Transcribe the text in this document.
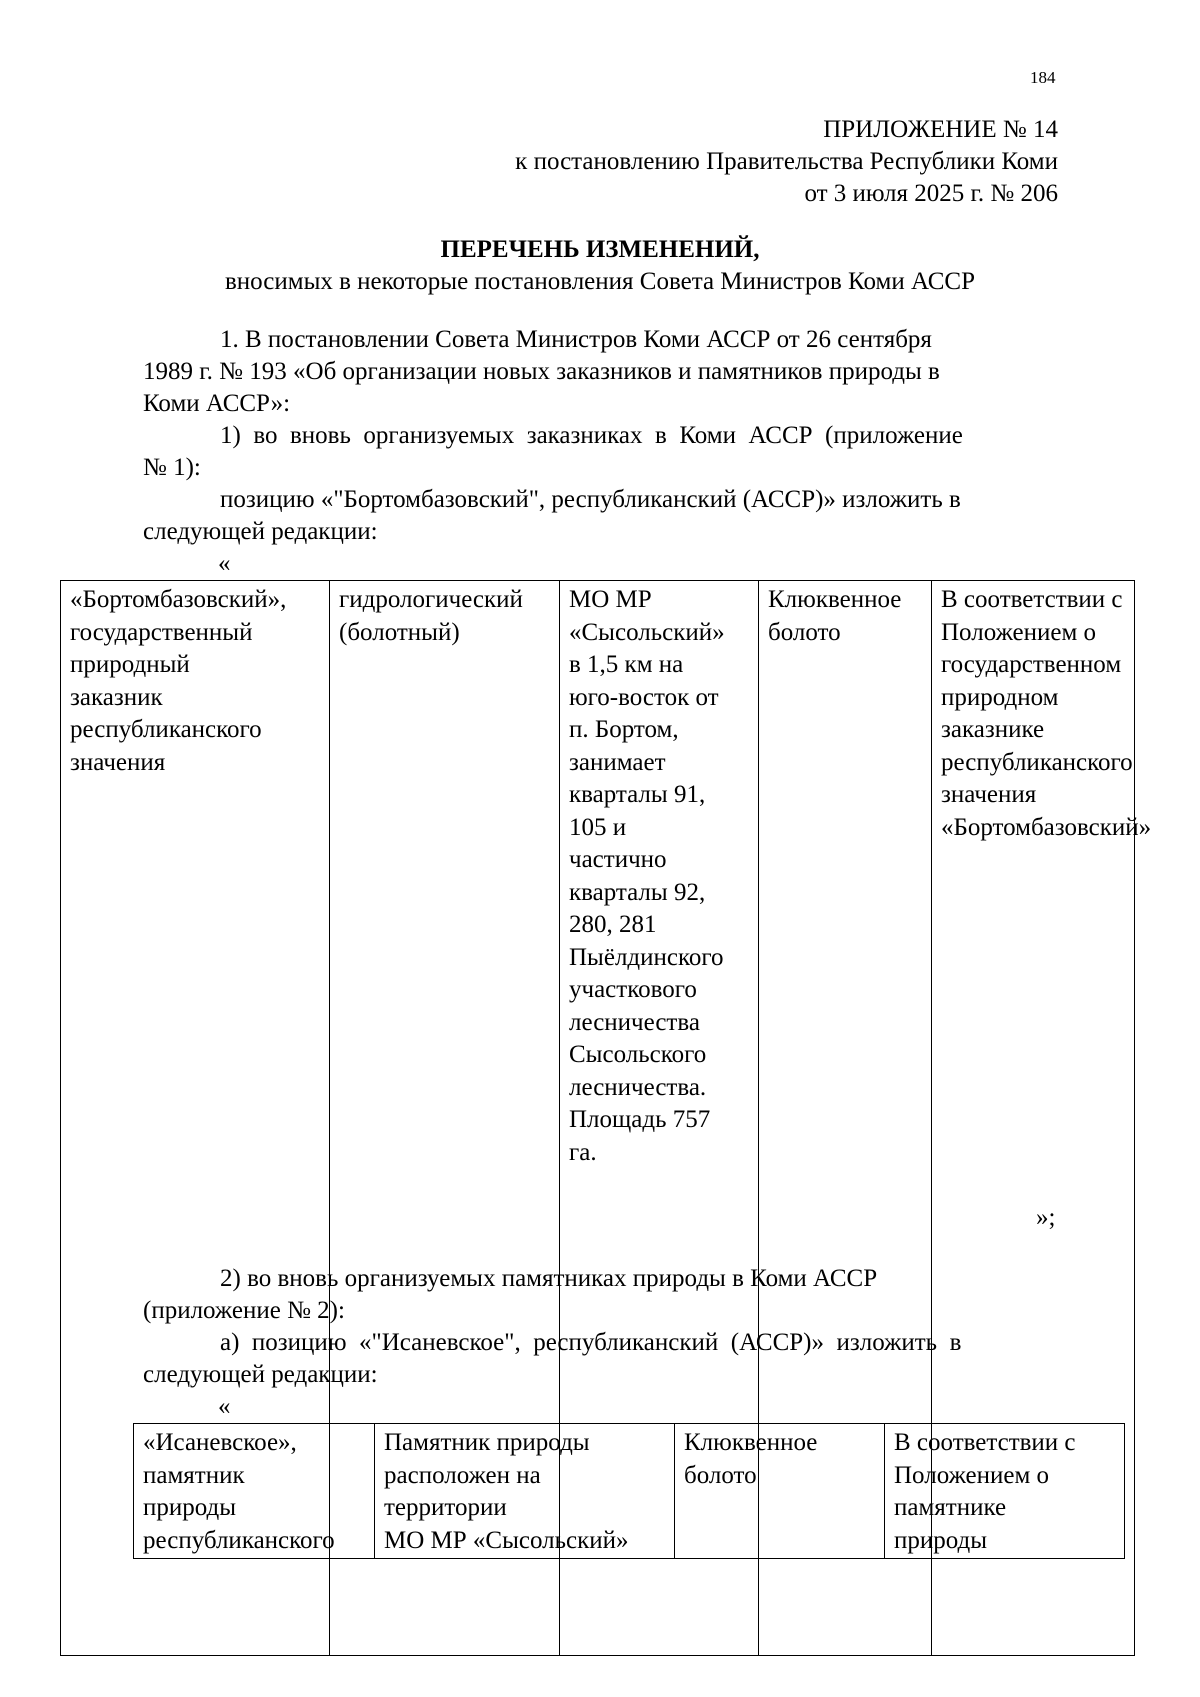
184
ПРИЛОЖЕНИЕ № 14
к постановлению Правительства Республики Коми
от 3 июля 2025 г. № 206
ПЕРЕЧЕНЬ ИЗМЕНЕНИЙ,
вносимых в некоторые постановления Совета Министров Коми АССР
1. В постановлении Совета Министров Коми АССР от 26 сентября
1989 г. № 193 «Об организации новых заказников и памятников природы в
Коми АССР»:
1)  во  вновь  организуемых  заказниках  в  Коми  АССР  (приложение
№ 1):
позицию «"Бортомбазовский", республиканский (АССР)» изложить в
следующей редакции:
«
«Бортомбазовский»,
государственный
природный
заказник
республиканского
значения

гидрологический
(болотный)

МО МР
«Сысольский»
в 1,5 км на
юго-восток от
п. Бортом,
занимает
кварталы 91,
105 и
частично
кварталы 92,
280, 281
Пыёлдинского
участкового
лесничества
Сысольского
лесничества.
Площадь 757
га.

Клюквенное
болото

В соответствии с
Положением о
государственном
природном
заказнике
республиканского
значения
«Бортомбазовский»
»;
2) во вновь организуемых памятниках природы в Коми АССР
(приложение № 2):
а)  позицию  «"Исаневское",  республиканский  (АССР)»  изложить  в
следующей редакции:
«
«Исаневское»,
памятник
природы
республиканского

Памятник природы
расположен на
территории
МО МР «Сысольский»

Клюквенное
болото

В соответствии с
Положением о
памятнике
природы
